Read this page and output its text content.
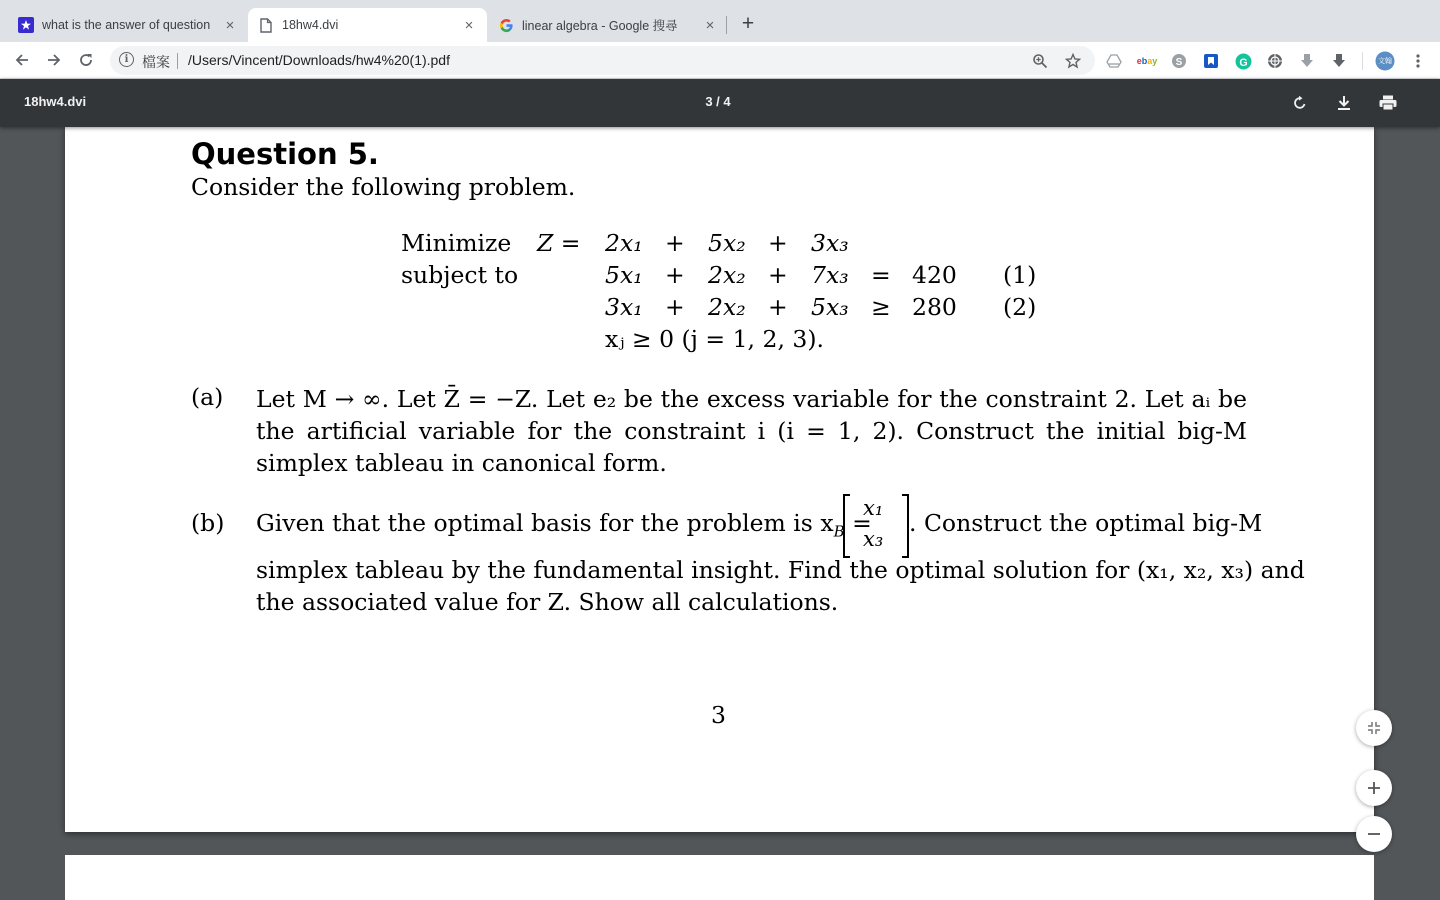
what is the answer of question	×	18hw4.dvi	×	linear algebra - Google 搜尋	× +
i 檔案 /Users/Vincent/Downloads/hw4%20(1).pdf	e b a y S	G	文翰
18hw4.dvi	3 / 4
Question 5.
Consider the following problem.
Minimize Z = 2x₁ + 5x₂ + 3x₃
subject to	5x₁ + 2x₂ + 7x₃ = 420 (1)
3x₁ + 2x₂ + 5x₃ ≥ 280 (2)
xⱼ ≥ 0 (j = 1, 2, 3).
(a) Let M → ∞. Let Z̄ = −Z. Let e₂ be the excess variable for the constraint 2. Let aᵢ be the artificial variable for the constraint i (i = 1, 2). Construct the initial big-M simplex tableau in canonical form.
(b) Given that the optimal basis for the problem is $x_B$ =
x₁
x₃
. Construct the optimal big-M
simplex tableau by the fundamental insight. Find the optimal solution for (x₁, x₂, x₃) and
the associated value for Z. Show all calculations.
3
